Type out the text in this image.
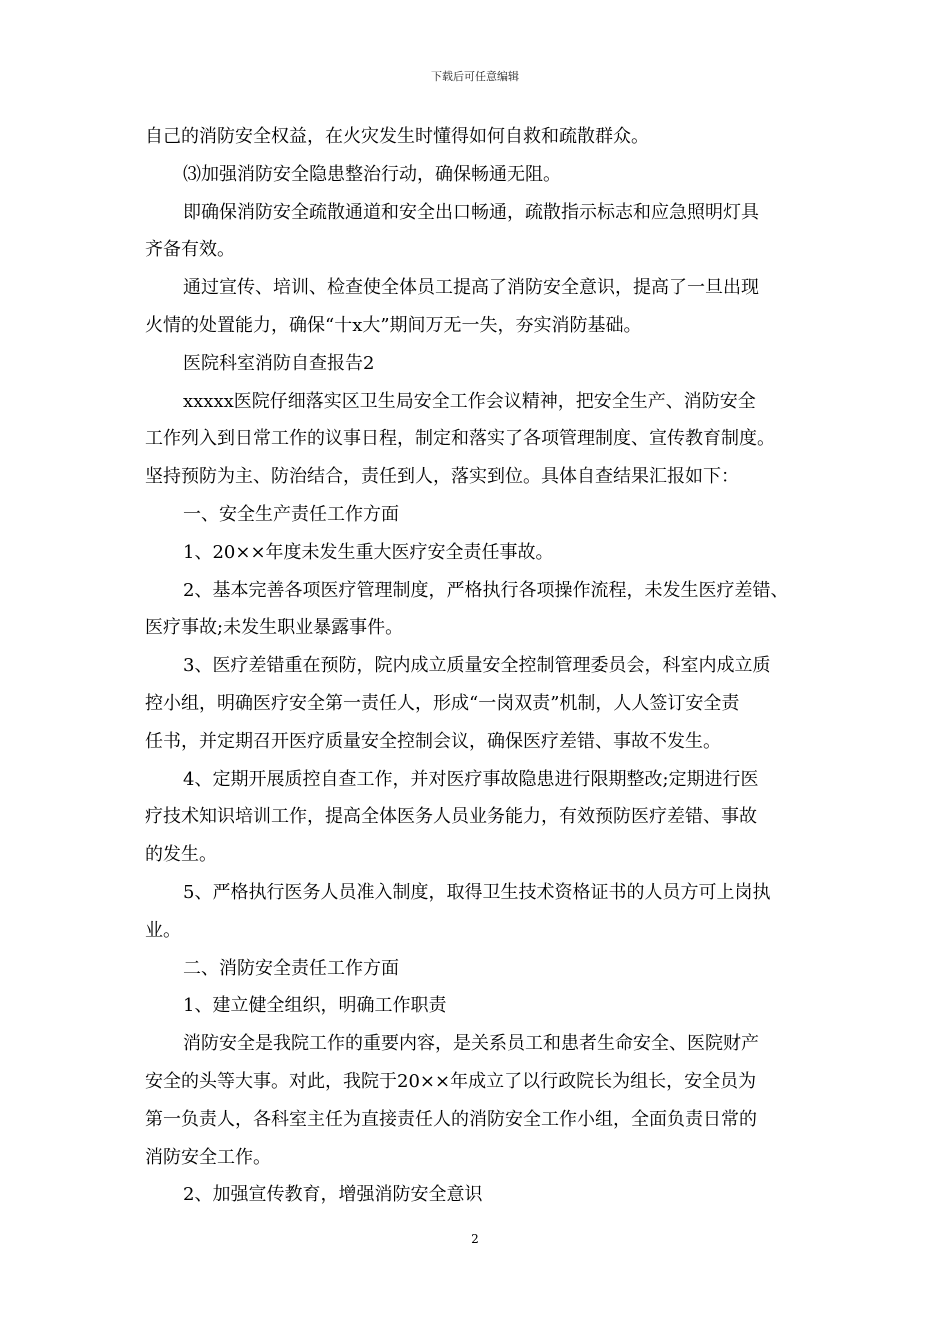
下载后可任意编辑
自己的消防安全权益，在火灾发生时懂得如何自救和疏散群众。
⑶加强消防安全隐患整治行动，确保畅通无阻。
即确保消防安全疏散通道和安全出口畅通，疏散指示标志和应急照明灯具
齐备有效。
通过宣传、培训、检查使全体员工提高了消防安全意识，提高了一旦出现
火情的处置能力，确保“十x大”期间万无一失，夯实消防基础。
医院科室消防自查报告2
xxxxx医院仔细落实区卫生局安全工作会议精神，把安全生产、消防安全
工作列入到日常工作的议事日程，制定和落实了各项管理制度、宣传教育制度。
坚持预防为主、防治结合，责任到人，落实到位。具体自查结果汇报如下：
一、安全生产责任工作方面
1、20××年度未发生重大医疗安全责任事故。
2、基本完善各项医疗管理制度，严格执行各项操作流程，未发生医疗差错、
医疗事故;未发生职业暴露事件。
3、医疗差错重在预防，院内成立质量安全控制管理委员会，科室内成立质
控小组，明确医疗安全第一责任人，形成“一岗双责”机制，人人签订安全责
任书，并定期召开医疗质量安全控制会议，确保医疗差错、事故不发生。
4、定期开展质控自查工作，并对医疗事故隐患进行限期整改;定期进行医
疗技术知识培训工作，提高全体医务人员业务能力，有效预防医疗差错、事故
的发生。
5、严格执行医务人员准入制度，取得卫生技术资格证书的人员方可上岗执
业。
二、消防安全责任工作方面
1、建立健全组织，明确工作职责
消防安全是我院工作的重要内容，是关系员工和患者生命安全、医院财产
安全的头等大事。对此，我院于20××年成立了以行政院长为组长，安全员为
第一负责人，各科室主任为直接责任人的消防安全工作小组，全面负责日常的
消防安全工作。
2、加强宣传教育，增强消防安全意识
2
